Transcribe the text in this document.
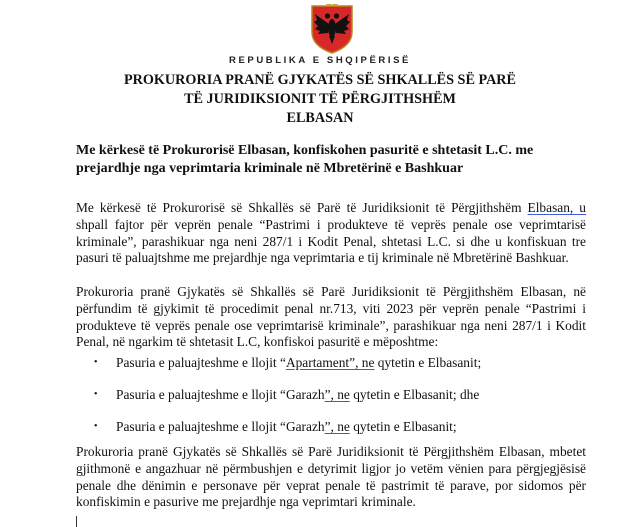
REPUBLIKA E SHQIPËRISË
PROKURORIA PRANË GJYKATËS SË SHKALLËS SË PARË
TË JURIDIKSIONIT TË PËRGJITHSHËM
ELBASAN
Me kërkesë të Prokurorisë Elbasan, konfiskohen pasuritë e shtetasit L.C. me prejardhje nga veprimtaria kriminale në Mbretërinë e Bashkuar
Me kërkesë të Prokurorisë së Shkallës së Parë të Juridiksionit të Përgjithshëm Elbasan, u shpall fajtor për veprën penale “Pastrimi i produkteve të veprës penale ose veprimtarisë kriminale”, parashikuar nga neni 287/1 i Kodit Penal, shtetasi L.C. si dhe u konfiskuan tre pasuri të paluajtshme me prejardhje nga veprimtaria e tij kriminale në Mbretërinë Bashkuar.
Prokuroria pranë Gjykatës së Shkallës së Parë Juridiksionit të Përgjithshëm Elbasan, në përfundim të gjykimit të procedimit penal nr.713, viti 2023 për veprën penale “Pastrimi i produkteve të veprës penale ose veprimtarisë kriminale”, parashikuar nga neni 287/1 i Kodit Penal, në ngarkim të shtetasit L.C, konfiskoi pasuritë e mëposhtme:
• Pasuria e paluajteshme e llojit “Apartament”, ne qytetin e Elbasanit;
• Pasuria e paluajteshme e llojit “Garazh”, ne qytetin e Elbasanit; dhe
• Pasuria e paluajteshme e llojit “Garazh”, ne qytetin e Elbasanit;
Prokuroria pranë Gjykatës së Shkallës së Parë Juridiksionit të Përgjithshëm Elbasan, mbetet gjithmonë e angazhuar në përmbushjen e detyrimit ligjor jo vetëm vënien para përgjegjësisë penale dhe dënimin e personave për veprat penale të pastrimit të parave, por sidomos për konfiskimin e pasurive me prejardhje nga veprimtari kriminale.
